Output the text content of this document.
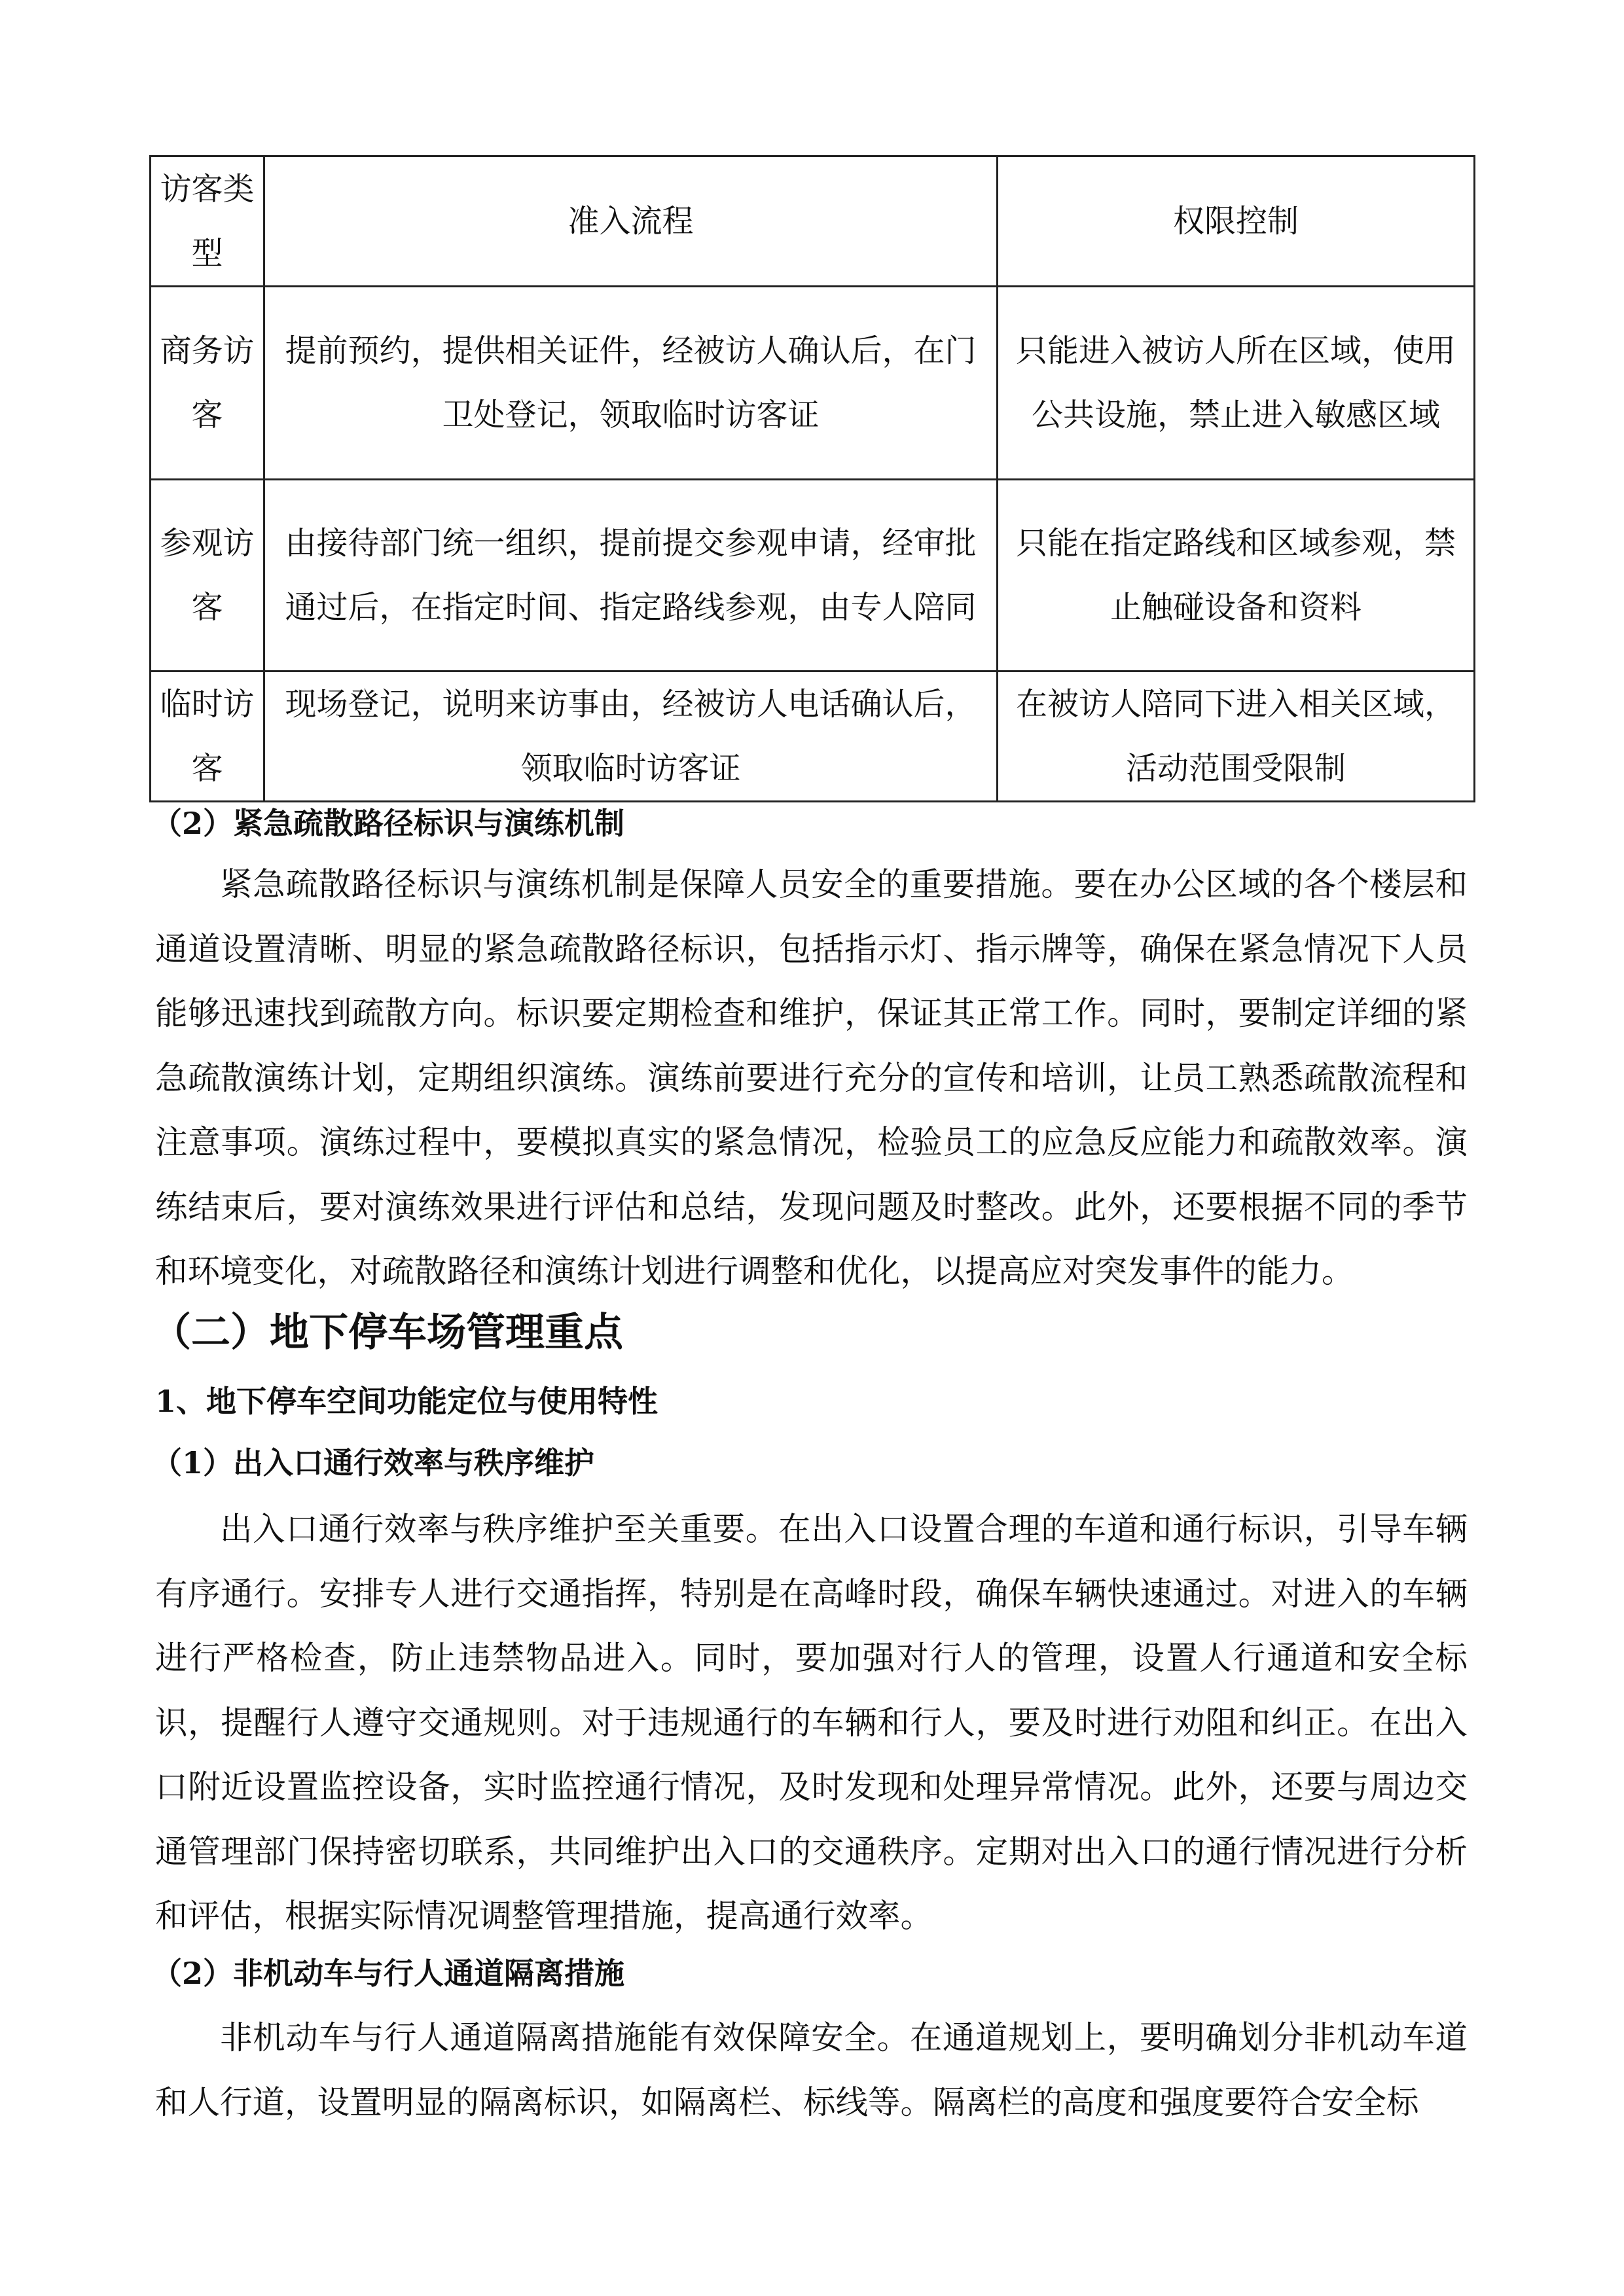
访客类型	准入流程	权限控制
商务访客	提前预约，提供相关证件，经被访人确认后，在门卫处登记，领取临时访客证	只能进入被访人所在区域，使用公共设施，禁止进入敏感区域
参观访客	由接待部门统一组织，提前提交参观申请，经审批通过后，在指定时间、指定路线参观，由专人陪同	只能在指定路线和区域参观，禁止触碰设备和资料
临时访客	现场登记，说明来访事由，经被访人电话确认后，领取临时访客证	在被访人陪同下进入相关区域，活动范围受限制
（2）紧急疏散路径标识与演练机制
紧急疏散路径标识与演练机制是保障人员安全的重要措施。要在办公区域的各个楼层和通道设置清晰、明显的紧急疏散路径标识，包括指示灯、指示牌等，确保在紧急情况下人员能够迅速找到疏散方向。标识要定期检查和维护，保证其正常工作。同时，要制定详细的紧急疏散演练计划，定期组织演练。演练前要进行充分的宣传和培训，让员工熟悉疏散流程和注意事项。演练过程中，要模拟真实的紧急情况，检验员工的应急反应能力和疏散效率。演练结束后，要对演练效果进行评估和总结，发现问题及时整改。此外，还要根据不同的季节和环境变化，对疏散路径和演练计划进行调整和优化，以提高应对突发事件的能力。
（二）地下停车场管理重点
1、地下停车空间功能定位与使用特性
（1）出入口通行效率与秩序维护
出入口通行效率与秩序维护至关重要。在出入口设置合理的车道和通行标识，引导车辆有序通行。安排专人进行交通指挥，特别是在高峰时段，确保车辆快速通过。对进入的车辆进行严格检查，防止违禁物品进入。同时，要加强对行人的管理，设置人行通道和安全标识，提醒行人遵守交通规则。对于违规通行的车辆和行人，要及时进行劝阻和纠正。在出入口附近设置监控设备，实时监控通行情况，及时发现和处理异常情况。此外，还要与周边交通管理部门保持密切联系，共同维护出入口的交通秩序。定期对出入口的通行情况进行分析和评估，根据实际情况调整管理措施，提高通行效率。
（2）非机动车与行人通道隔离措施
非机动车与行人通道隔离措施能有效保障安全。在通道规划上，要明确划分非机动车道和人行道，设置明显的隔离标识，如隔离栏、标线等。隔离栏的高度和强度要符合安全标
